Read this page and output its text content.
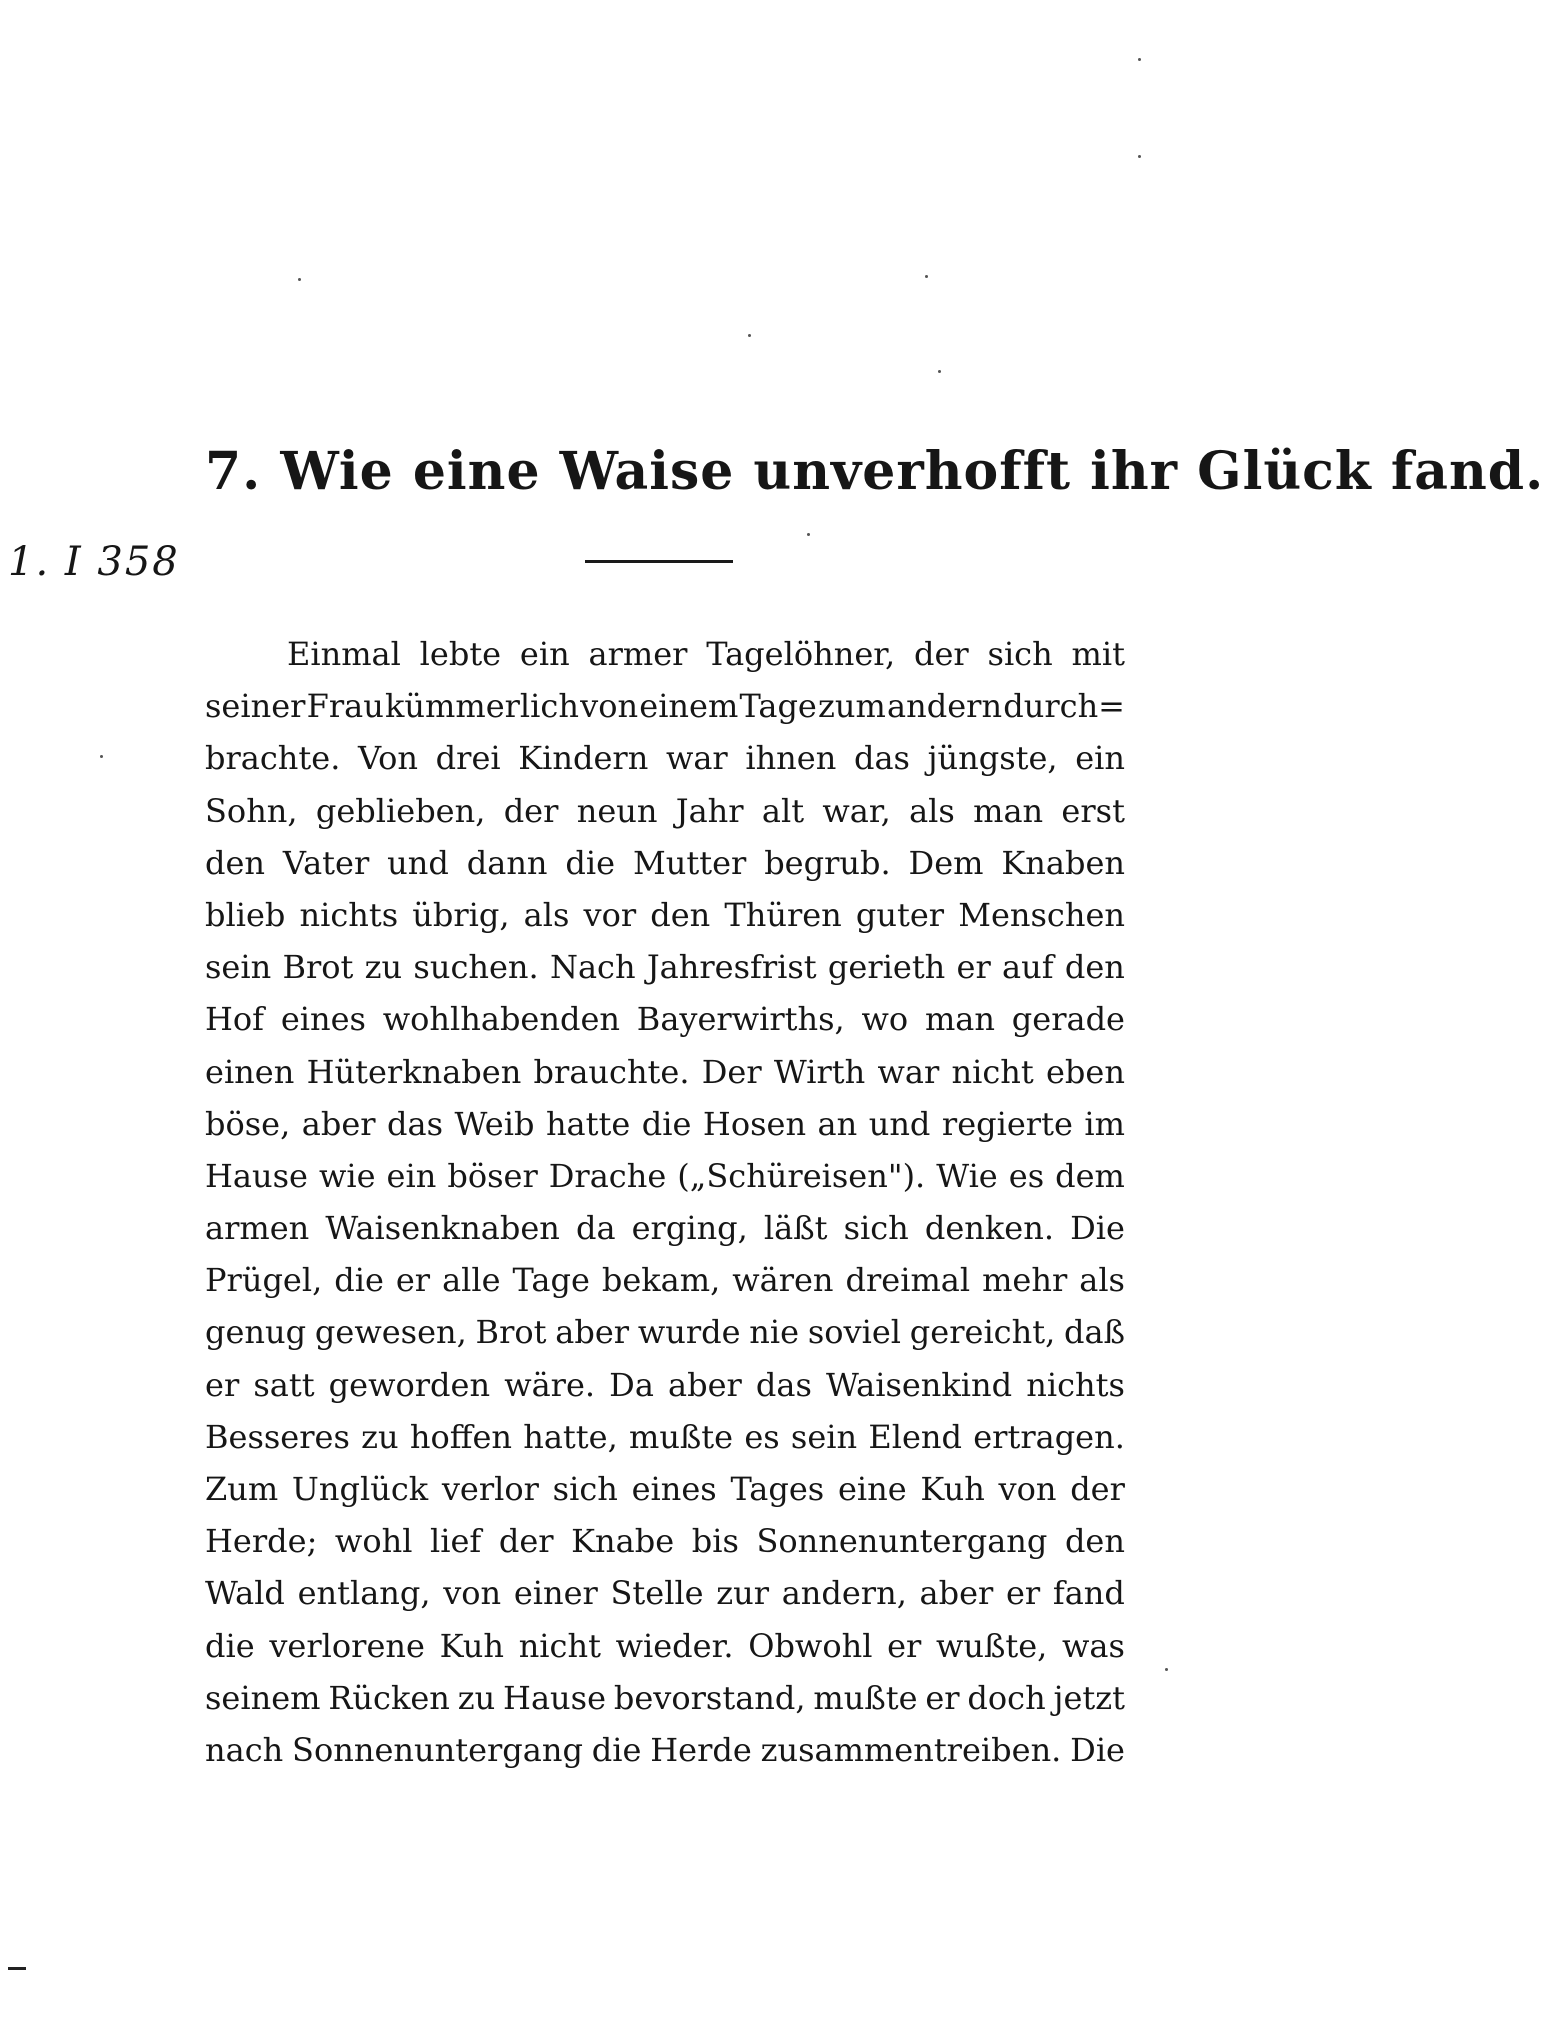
1. I 358
7. Wie eine Waise unverhofft ihr Glück fand.
Einmal lebte ein armer Tagelöhner, der sich mit
seiner Frau kümmerlich von einem Tage zum andern durch=
brachte. Von drei Kindern war ihnen das jüngste, ein
Sohn, geblieben, der neun Jahr alt war, als man erst
den Vater und dann die Mutter begrub. Dem Knaben
blieb nichts übrig, als vor den Thüren guter Menschen
sein Brot zu suchen. Nach Jahresfrist gerieth er auf den
Hof eines wohlhabenden Bayerwirths, wo man gerade
einen Hüterknaben brauchte. Der Wirth war nicht eben
böse, aber das Weib hatte die Hosen an und regierte im
Hause wie ein böser Drache („Schüreisen"). Wie es dem
armen Waisenknaben da erging, läßt sich denken. Die
Prügel, die er alle Tage bekam, wären dreimal mehr als
genug gewesen, Brot aber wurde nie soviel gereicht, daß
er satt geworden wäre. Da aber das Waisenkind nichts
Besseres zu hoffen hatte, mußte es sein Elend ertragen.
Zum Unglück verlor sich eines Tages eine Kuh von der
Herde; wohl lief der Knabe bis Sonnenuntergang den
Wald entlang, von einer Stelle zur andern, aber er fand
die verlorene Kuh nicht wieder. Obwohl er wußte, was
seinem Rücken zu Hause bevorstand, mußte er doch jetzt
nach Sonnenuntergang die Herde zusammentreiben. Die
